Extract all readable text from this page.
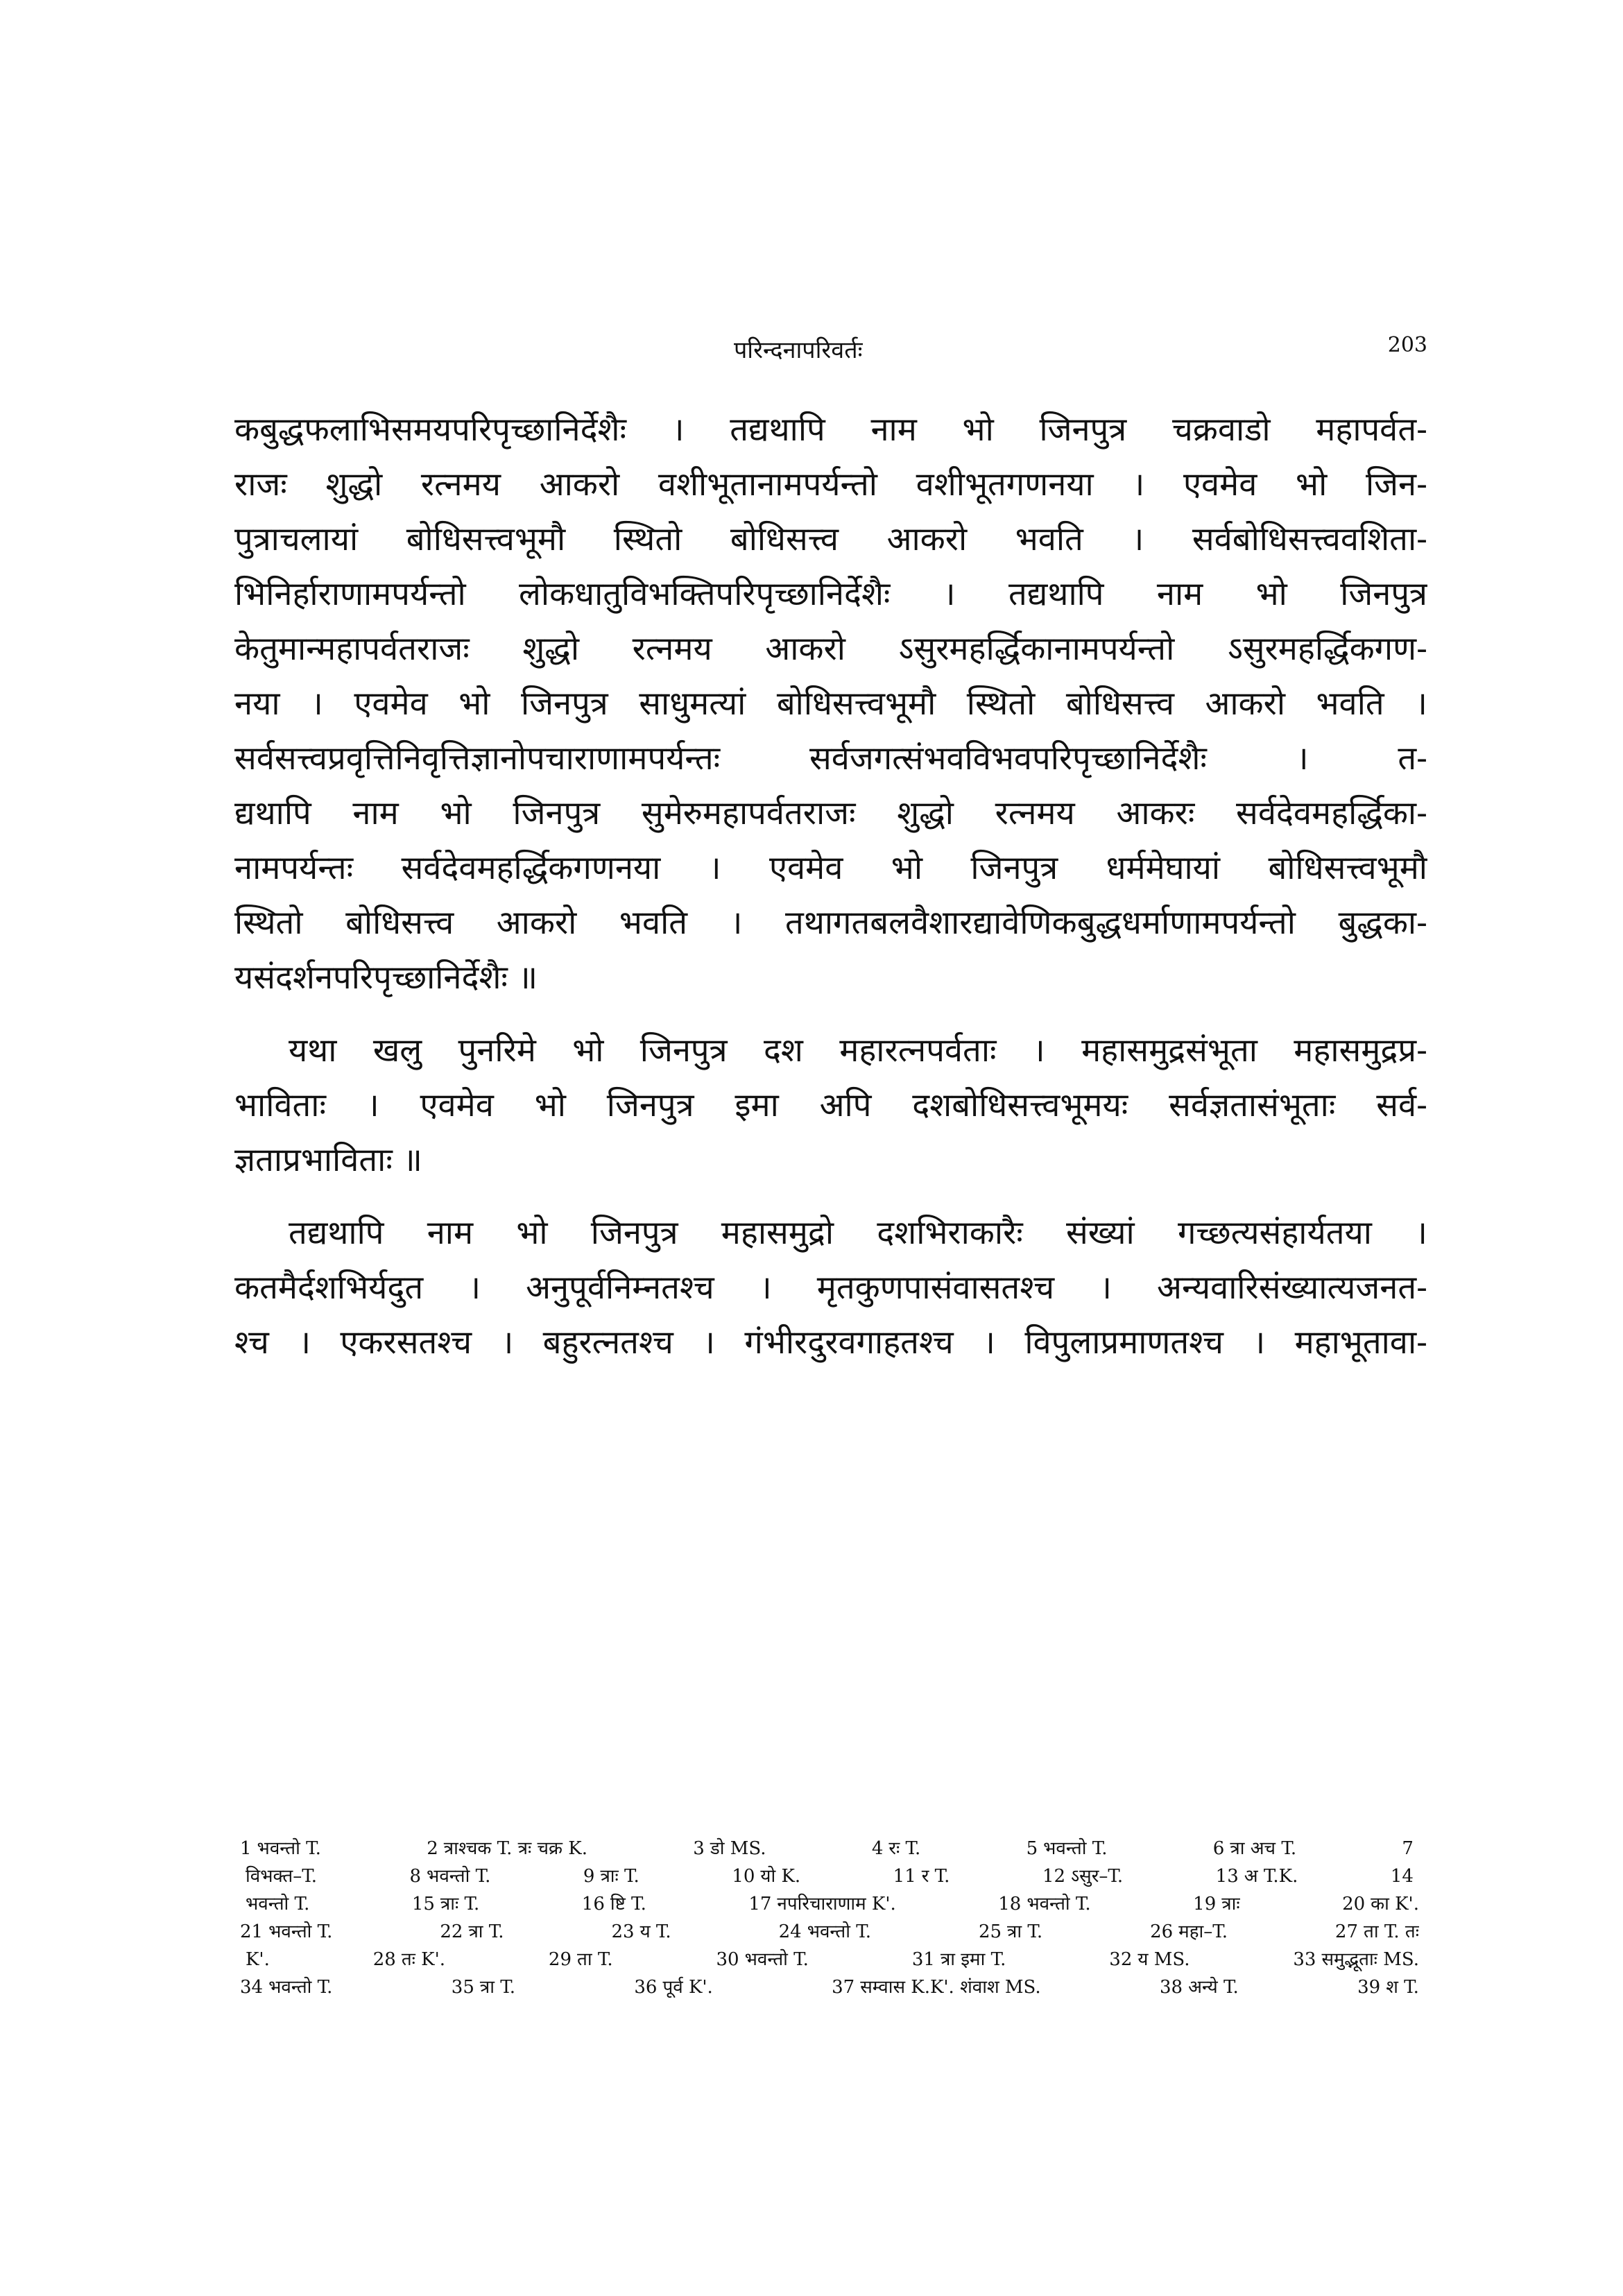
परिन्दनापरिवर्तः	203
कबुद्धफलाभिसमयपरिपृच्छानिर्देशैः । तद्यथापि नाम भो जिनपुत्र चक्रवाडो महापर्वत-
राजः शुद्धो रत्नमय आकरो वशीभूतानामपर्यन्तो वशीभूतगणनया । एवमेव भो जिन-
पुत्राचलायां बोधिसत्त्वभूमौ स्थितो बोधिसत्त्व आकरो भवति । सर्वबोधिसत्त्ववशिता-
भिनिर्हाराणामपर्यन्तो लोकधातुविभक्तिपरिपृच्छानिर्देशैः । तद्यथापि नाम भो जिनपुत्र
केतुमान्महापर्वतराजः शुद्धो रत्नमय आकरो ऽसुरमहर्द्धिकानामपर्यन्तो ऽसुरमहर्द्धिकगण-
नया । एवमेव भो जिनपुत्र साधुमत्यां बोधिसत्त्वभूमौ स्थितो बोधिसत्त्व आकरो भवति ।
सर्वसत्त्वप्रवृत्तिनिवृत्तिज्ञानोपचाराणामपर्यन्तः सर्वजगत्संभवविभवपरिपृच्छानिर्देशैः । त-
द्यथापि नाम भो जिनपुत्र सुमेरुमहापर्वतराजः शुद्धो रत्नमय आकरः सर्वदेवमहर्द्धिका-
नामपर्यन्तः सर्वदेवमहर्द्धिकगणनया । एवमेव भो जिनपुत्र धर्ममेघायां बोधिसत्त्वभूमौ
स्थितो बोधिसत्त्व आकरो भवति । तथागतबलवैशारद्यावेणिकबुद्धधर्माणामपर्यन्तो बुद्धका-
यसंदर्शनपरिपृच्छानिर्देशैः ॥
यथा खलु पुनरिमे भो जिनपुत्र दश महारत्नपर्वताः । महासमुद्रसंभूता महासमुद्रप्र-
भाविताः । एवमेव भो जिनपुत्र इमा अपि दशबोधिसत्त्वभूमयः सर्वज्ञतासंभूताः सर्व-
ज्ञताप्रभाविताः ॥
तद्यथापि नाम भो जिनपुत्र महासमुद्रो दशभिराकारैः संख्यां गच्छत्यसंहार्यतया ।
कतमैर्दशभिर्यदुत । अनुपूर्वनिम्नतश्च । मृतकुणपासंवासतश्च । अन्यवारिसंख्यात्यजनत-
श्च । एकरसतश्च । बहुरत्नतश्च । गंभीरदुरवगाहतश्च । विपुलाप्रमाणतश्च । महाभूतावा-
1 भवन्तो T.	2 त्राश्चक T. त्रः चक्र K.	3 डो MS.	4 रः T.	5 भवन्तो T.	6 त्रा अच T.	7
विभक्त–T.	8 भवन्तो T.	9 त्राः T.	10 यो K.	11 र T.	12 ऽसुर–T.	13 अ T.K.	14
भवन्तो T.	15 त्राः T.	16 ष्टि T.	17 नपरिचाराणाम K'.	18 भवन्तो T.	19 त्राः	20 का K'.
21 भवन्तो T.	22 त्रा T.	23 य T.	24 भवन्तो T.	25 त्रा T.	26 महा–T.	27 ता T. तः
K'.	28 तः K'.	29 ता T.	30 भवन्तो T.	31 त्रा इमा T.	32 य MS.	33 समुद्भूताः MS.
34 भवन्तो T.	35 त्रा T.	36 पूर्व K'.	37 सम्वास K.K'. शंवाश MS.	38 अन्ये T.	39 श T.
